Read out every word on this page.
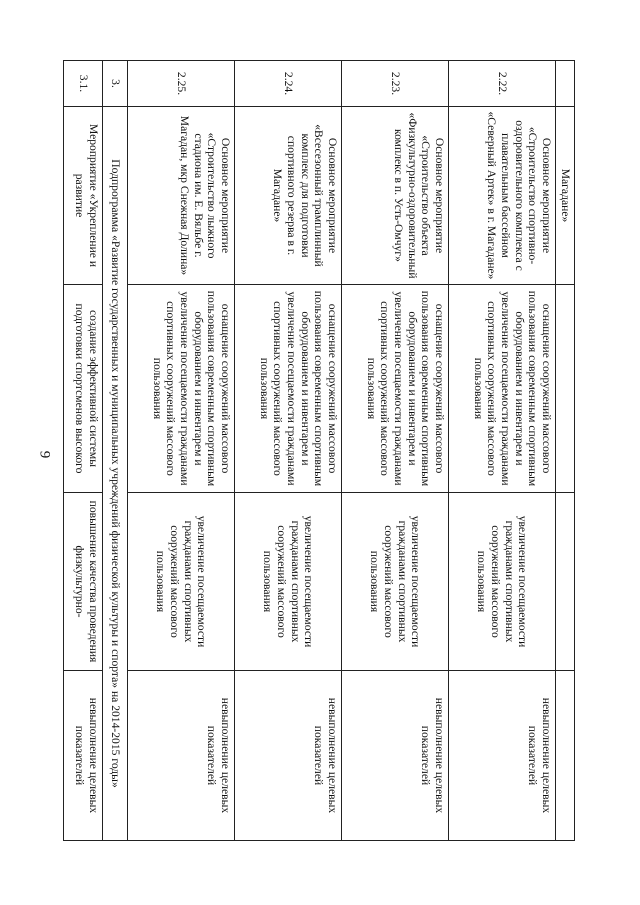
9
	Магадане»			
2.22.	Основное мероприятие «Строительство спортивно-оздоровительного комплекса с плавательным бассейном «Северный Артек» в г. Магадане»	оснащение сооружений массового пользования современным спортивным оборудованием и инвентарем и увеличение посещаемости гражданами спортивных сооружений массового пользования	увеличение посещаемости гражданами спортивных сооружений массового пользования	невыполнение целевых показателей
2.23.	Основное мероприятие «Строительство объекта «Физкультурно-оздоровительный комплекс в п. Усть-Омчуг»	оснащение сооружений массового пользования современным спортивным оборудованием и инвентарем и увеличение посещаемости гражданами спортивных сооружений массового пользования	увеличение посещаемости гражданами спортивных сооружений массового пользования	невыполнение целевых показателей
2.24.	Основное мероприятие «Всесезонный трамплинный комплекс для подготовки спортивного резерва в г. Магадане»	оснащение сооружений массового пользования современным спортивным оборудованием и инвентарем и увеличение посещаемости гражданами спортивных сооружений массового пользования	увеличение посещаемости гражданами спортивных сооружений массового пользования	невыполнение целевых показателей
2.25.	Основное мероприятие «Строительство лыжного стадиона им. Е. Вяльбе г. Магадан, мкр Снежная Долина»	оснащение сооружений массового пользования современным спортивным оборудованием и инвентарем и увеличение посещаемости гражданами спортивных сооружений массового пользования	увеличение посещаемости гражданами спортивных сооружений массового пользования	невыполнение целевых показателей
3.	Подпрограмма «Развитие государственных и муниципальных учреждений физической культуры и спорта» на 2014-2015 годы»			
3.1.	Мероприятие «Укрепление и развитие	создание эффективной системы подготовки спортсменов высокого	повышение качества проведения физкультурно-	невыполнение целевых показателей
